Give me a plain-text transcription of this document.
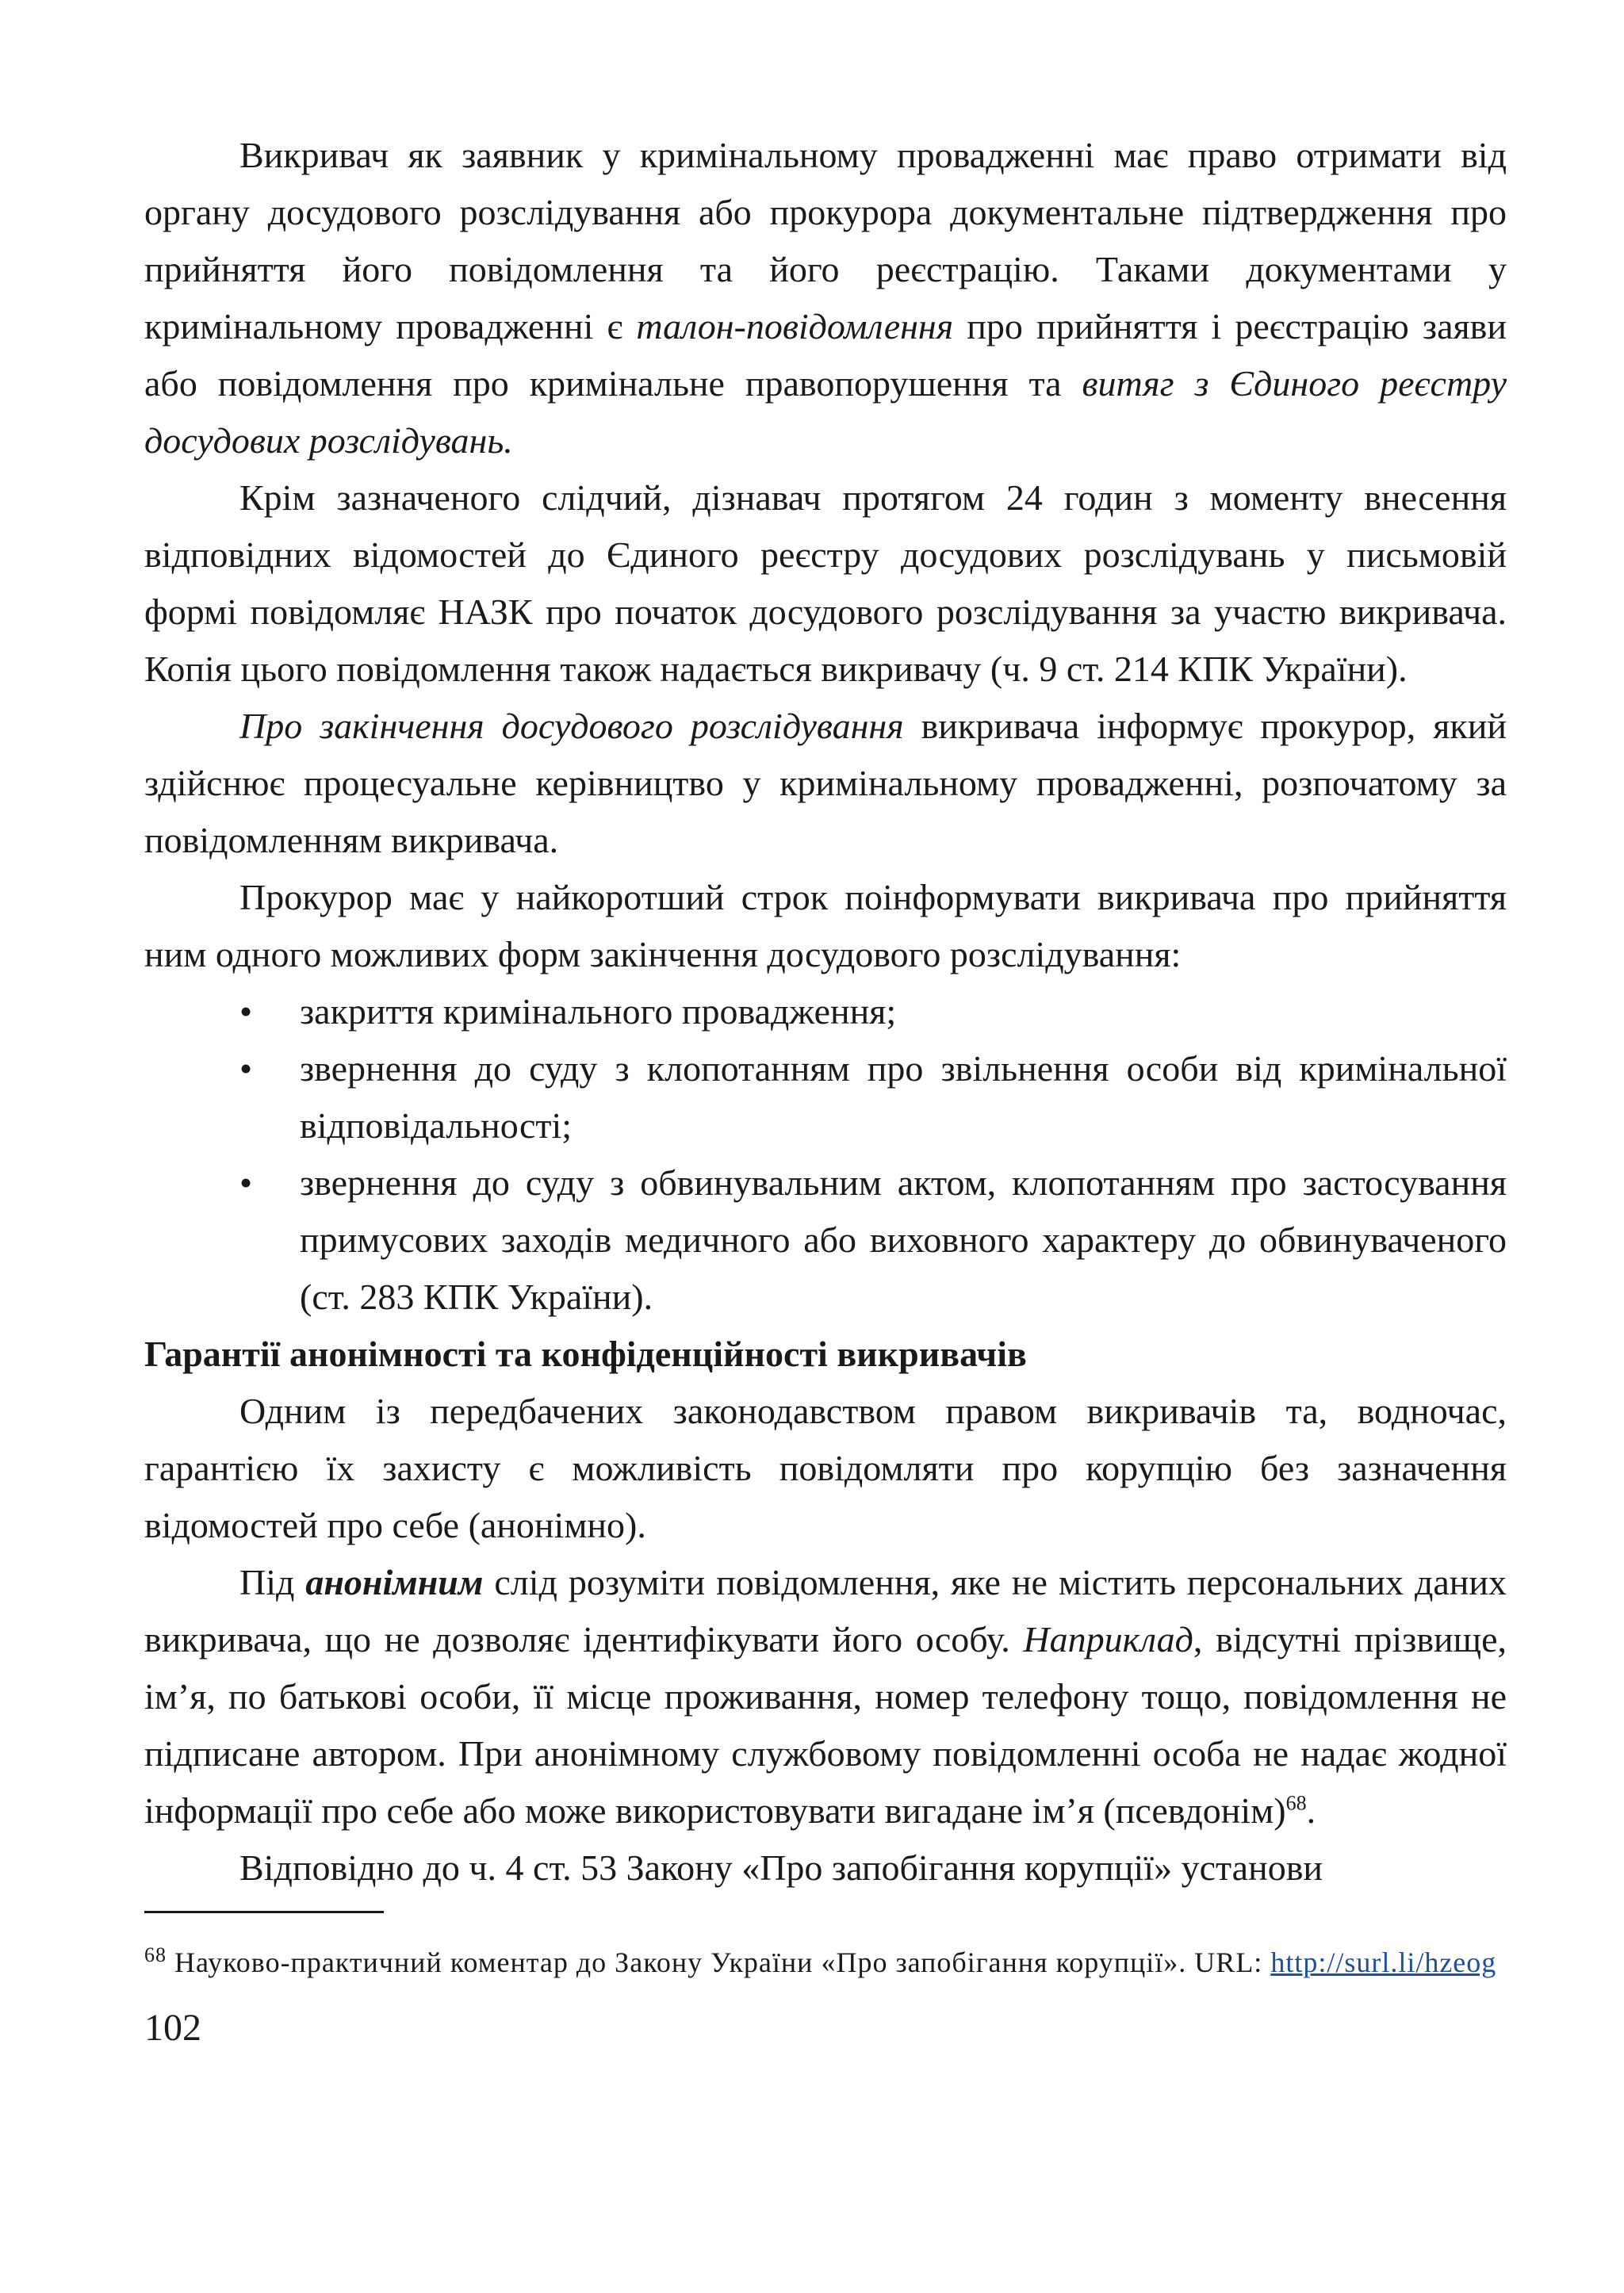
Викривач як заявник у кримінальному провадженні має право отримати від органу досудового розслідування або прокурора документальне підтвердження про прийняття його повідомлення та його реєстрацію. Таками документами у кримінальному провадженні є талон-повідомлення про прийняття і реєстрацію заяви або повідомлення про кримінальне правопорушення та витяг з Єдиного реєстру досудових розслідувань.

Крім зазначеного слідчий, дізнавач протягом 24 годин з моменту внесення відповідних відомостей до Єдиного реєстру досудових розслідувань у письмовій формі повідомляє НАЗК про початок досудового розслідування за участю викривача. Копія цього повідомлення також надається викривачу (ч. 9 ст. 214 КПК України).

Про закінчення досудового розслідування викривача інформує прокурор, який здійснює процесуальне керівництво у кримінальному провадженні, розпочатому за повідомленням викривача.

Прокурор має у найкоротший строк поінформувати викривача про прийняття ним одного можливих форм закінчення досудового розслідування:

• закриття кримінального провадження;
• звернення до суду з клопотанням про звільнення особи від кримінальної відповідальності;
• звернення до суду з обвинувальним актом, клопотанням про застосування примусових заходів медичного або виховного характеру до обвинуваченого (ст. 283 КПК України).

Гарантії анонімності та конфіденційності викривачів

Одним із передбачених законодавством правом викривачів та, водночас, гарантією їх захисту є можливість повідомляти про корупцію без зазначення відомостей про себе (анонімно).

Під анонімним слід розуміти повідомлення, яке не містить персональних даних викривача, що не дозволяє ідентифікувати його особу. Наприклад, відсутні прізвище, ім’я, по батькові особи, її місце проживання, номер телефону тощо, повідомлення не підписане автором. При анонімному службовому повідомленні особа не надає жодної інформації про себе або може використовувати вигадане ім’я (псевдонім)$^{68}$.

Відповідно до ч. 4 ст. 53 Закону «Про запобігання корупції» установи

$^{68}$ Науково-практичний коментар до Закону України «Про запобігання корупції». URL: http://surl.li/hzeog
102
